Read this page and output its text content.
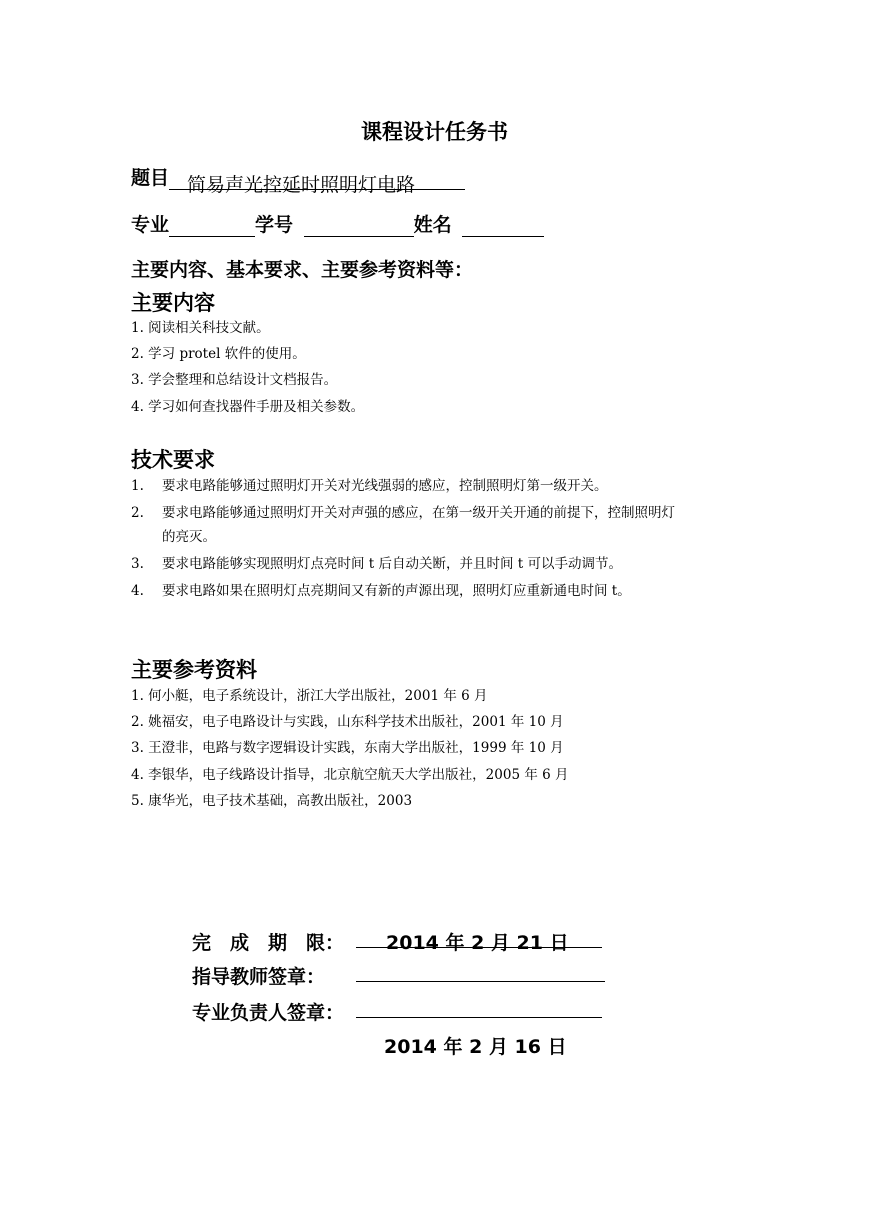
课程设计任务书
题目 简易声光控延时照明灯电路
专业	学号	姓名
主要内容、基本要求、主要参考资料等：
主要内容
1. 阅读相关科技文献。
2. 学习 protel 软件的使用。
3. 学会整理和总结设计文档报告。
4. 学习如何查找器件手册及相关参数。
技术要求
1. 要求电路能够通过照明灯开关对光线强弱的感应，控制照明灯第一级开关。
2. 要求电路能够通过照明灯开关对声强的感应，在第一级开关开通的前提下，控制照明灯
的亮灭。
3. 要求电路能够实现照明灯点亮时间 t 后自动关断，并且时间 t 可以手动调节。
4. 要求电路如果在照明灯点亮期间又有新的声源出现，照明灯应重新通电时间 t。
主要参考资料
1. 何小艇，电子系统设计，浙江大学出版社，2001 年 6 月
2. 姚福安，电子电路设计与实践，山东科学技术出版社，2001 年 10 月
3. 王澄非，电路与数字逻辑设计实践，东南大学出版社，1999 年 10 月
4. 李银华，电子线路设计指导，北京航空航天大学出版社，2005 年 6 月
5. 康华光，电子技术基础，高教出版社，2003
完　成　期　限： 2014 年 2 月 21 日
指导教师签章：
专业负责人签章：
2014 年 2 月 16 日
